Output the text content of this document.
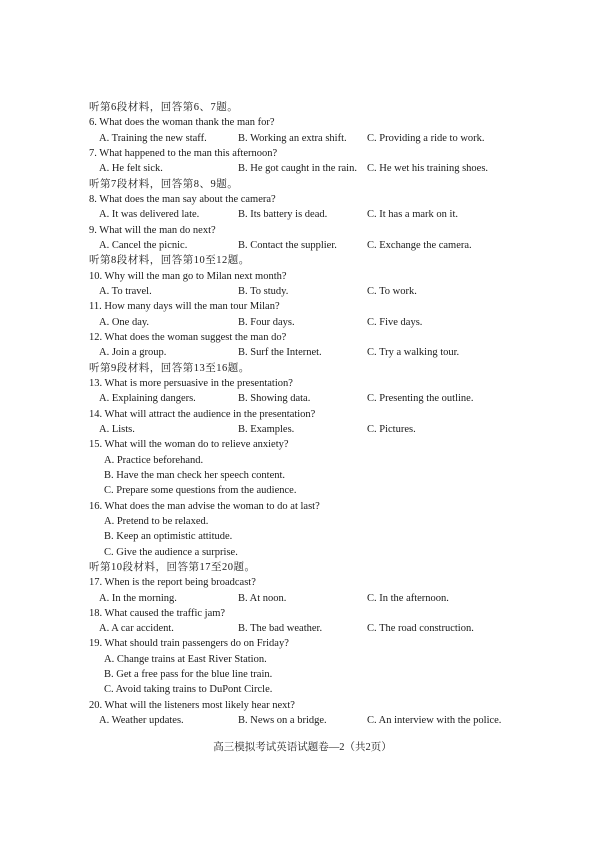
听第6段材料，回答第6、7题。
6. What does the woman thank the man for?
A. Training the new staff.	B. Working an extra shift. C. Providing a ride to work.
7. What happened to the man this afternoon?
A. He felt sick.	B. He got caught in the rain. C. He wet his training shoes.
听第7段材料，回答第8、9题。
8. What does the man say about the camera?
A. It was delivered late.	B. Its battery is dead.	C. It has a mark on it.
9. What will the man do next?
A. Cancel the picnic.	B. Contact the supplier.	C. Exchange the camera.
听第8段材料，回答第10至12题。
10. Why will the man go to Milan next month?
A. To travel.	B. To study.	C. To work.
11. How many days will the man tour Milan?
A. One day.	B. Four days.	C. Five days.
12. What does the woman suggest the man do?
A. Join a group.	B. Surf the Internet.	C. Try a walking tour.
听第9段材料，回答第13至16题。
13. What is more persuasive in the presentation?
A. Explaining dangers.	B. Showing data.	C. Presenting the outline.
14. What will attract the audience in the presentation?
A. Lists.	B. Examples.	C. Pictures.
15. What will the woman do to relieve anxiety?
A. Practice beforehand.
B. Have the man check her speech content.
C. Prepare some questions from the audience.
16. What does the man advise the woman to do at last?
A. Pretend to be relaxed.
B. Keep an optimistic attitude.
C. Give the audience a surprise.
听第10段材料，回答第17至20题。
17. When is the report being broadcast?
A. In the morning.	B. At noon.	C. In the afternoon.
18. What caused the traffic jam?
A. A car accident.	B. The bad weather.	C. The road construction.
19. What should train passengers do on Friday?
A. Change trains at East River Station.
B. Get a free pass for the blue line train.
C. Avoid taking trains to DuPont Circle.
20. What will the listeners most likely hear next?
A. Weather updates.	B. News on a bridge.	C. An interview with the police.
高三模拟考试英语试题卷—2（共2页）
